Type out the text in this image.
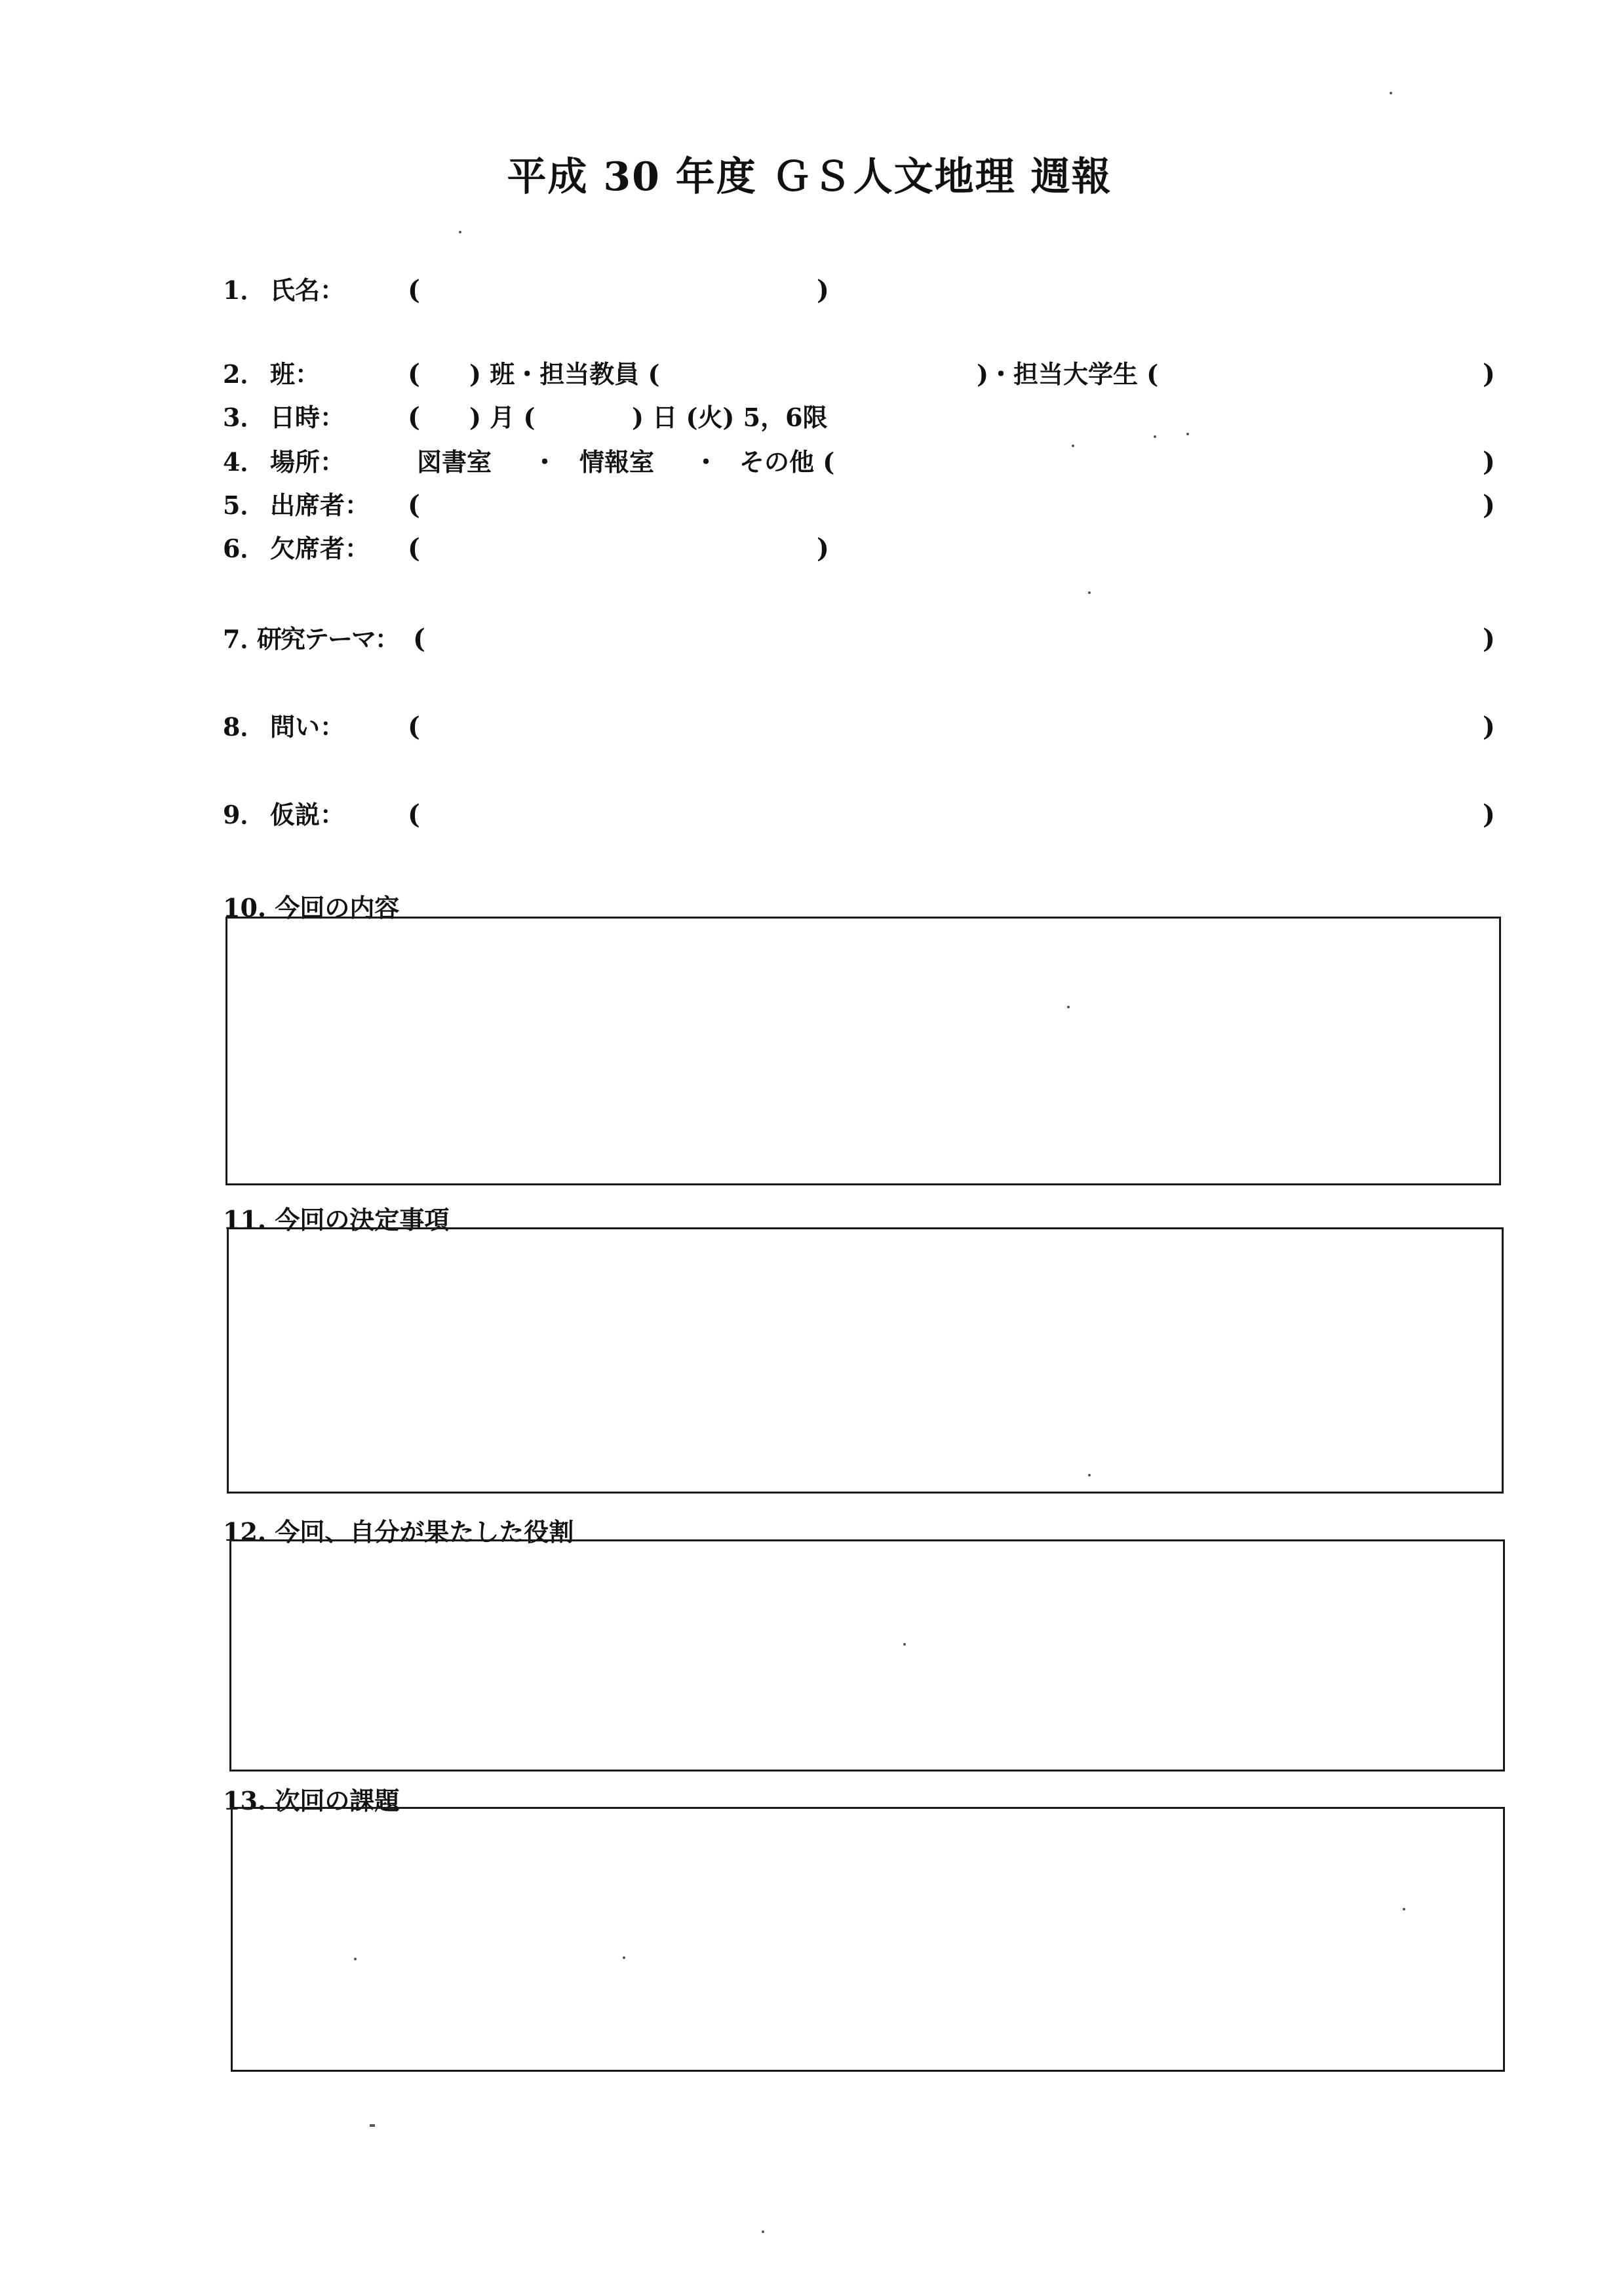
平成 30 年度 ＧＳ人文地理 週報
1． 氏名： (	)
2． 班：	( ) 班・担当教員 (	)・担当大学生 (	)
3． 日時： ( ) 月 (	) 日 (火) 5，6限
4． 場所：	図書室 ・ 情報室 ・ その他 (	)
5． 出席者： (	)
6． 欠席者： (	)
7．
研究テーマ： (	)
8． 問い： (	)
9． 仮説： (	)
10. 今回の内容
11. 今回の決定事項
12. 今回、自分が果たした役割
13. 次回の課題
